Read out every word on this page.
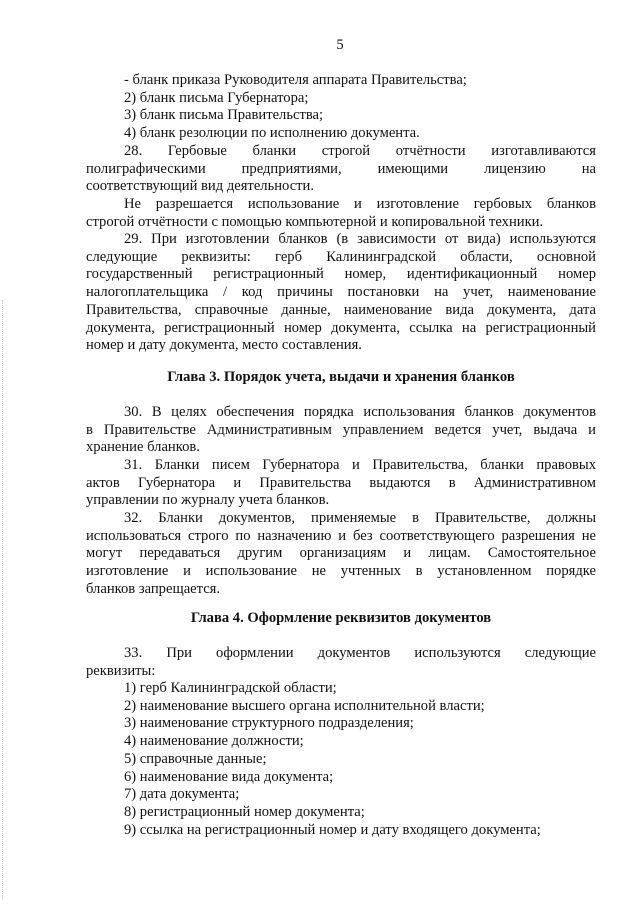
5
- бланк приказа Руководителя аппарата Правительства;
2) бланк письма Губернатора;
3) бланк письма Правительства;
4) бланк резолюции по исполнению документа.
28. Гербовые бланки строгой отчётности изготавливаются
полиграфическими предприятиями, имеющими лицензию на
соответствующий вид деятельности.
Не разрешается использование и изготовление гербовых бланков
строгой отчётности с помощью компьютерной и копировальной техники.
29. При изготовлении бланков (в зависимости от вида) используются
следующие реквизиты: герб Калининградской области, основной
государственный регистрационный номер, идентификационный номер
налогоплательщика / код причины постановки на учет, наименование
Правительства, справочные данные, наименование вида документа, дата
документа, регистрационный номер документа, ссылка на регистрационный
номер и дату документа, место составления.
Глава 3. Порядок учета, выдачи и хранения бланков
30. В целях обеспечения порядка использования бланков документов
в Правительстве Административным управлением ведется учет, выдача и
хранение бланков.
31. Бланки писем Губернатора и Правительства, бланки правовых
актов Губернатора и Правительства выдаются в Административном
управлении по журналу учета бланков.
32. Бланки документов, применяемые в Правительстве, должны
использоваться строго по назначению и без соответствующего разрешения не
могут передаваться другим организациям и лицам. Самостоятельное
изготовление и использование не учтенных в установленном порядке
бланков запрещается.
Глава 4. Оформление реквизитов документов
33. При оформлении документов используются следующие
реквизиты:
1) герб Калининградской области;
2) наименование высшего органа исполнительной власти;
3) наименование структурного подразделения;
4) наименование должности;
5) справочные данные;
6) наименование вида документа;
7) дата документа;
8) регистрационный номер документа;
9) ссылка на регистрационный номер и дату входящего документа;
